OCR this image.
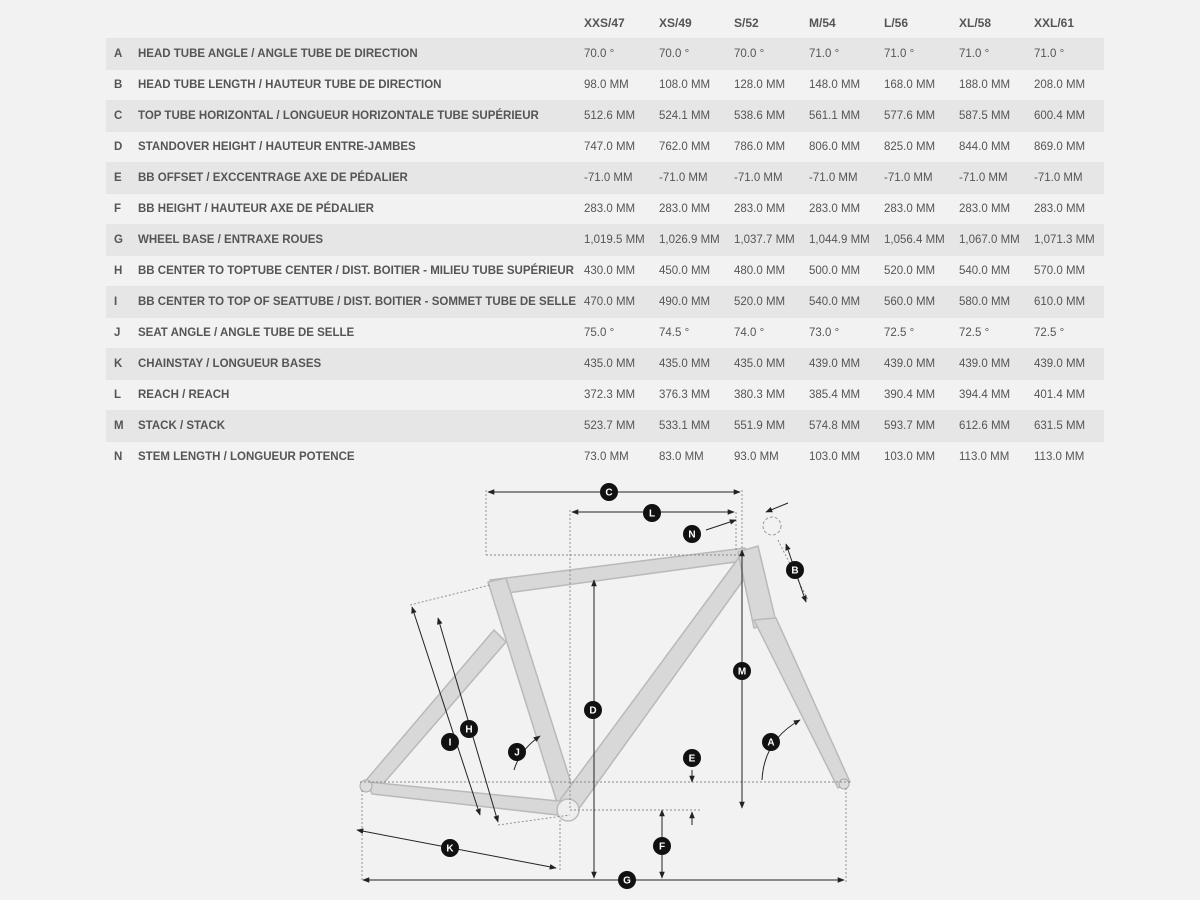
		XXS/47	XS/49	S/52	M/54	L/56	XL/58	XXL/61
A	HEAD TUBE ANGLE / ANGLE TUBE DE DIRECTION	70.0 °	70.0 °	70.0 °	71.0 °	71.0 °	71.0 °	71.0 °
B	HEAD TUBE LENGTH / HAUTEUR TUBE DE DIRECTION	98.0 MM	108.0 MM	128.0 MM	148.0 MM	168.0 MM	188.0 MM	208.0 MM
C	TOP TUBE HORIZONTAL / LONGUEUR HORIZONTALE TUBE SUPÉRIEUR	512.6 MM	524.1 MM	538.6 MM	561.1 MM	577.6 MM	587.5 MM	600.4 MM
D	STANDOVER HEIGHT / HAUTEUR ENTRE-JAMBES	747.0 MM	762.0 MM	786.0 MM	806.0 MM	825.0 MM	844.0 MM	869.0 MM
E	BB OFFSET / EXCCENTRAGE AXE DE PÉDALIER	-71.0 MM	-71.0 MM	-71.0 MM	-71.0 MM	-71.0 MM	-71.0 MM	-71.0 MM
F	BB HEIGHT / HAUTEUR AXE DE PÉDALIER	283.0 MM	283.0 MM	283.0 MM	283.0 MM	283.0 MM	283.0 MM	283.0 MM
G	WHEEL BASE / ENTRAXE ROUES	1,019.5 MM	1,026.9 MM	1,037.7 MM	1,044.9 MM	1,056.4 MM	1,067.0 MM	1,071.3 MM
H	BB CENTER TO TOPTUBE CENTER / DIST. BOITIER - MILIEU TUBE SUPÉRIEUR	430.0 MM	450.0 MM	480.0 MM	500.0 MM	520.0 MM	540.0 MM	570.0 MM
I	BB CENTER TO TOP OF SEATTUBE / DIST. BOITIER - SOMMET TUBE DE SELLE	470.0 MM	490.0 MM	520.0 MM	540.0 MM	560.0 MM	580.0 MM	610.0 MM
J	SEAT ANGLE / ANGLE TUBE DE SELLE	75.0 °	74.5 °	74.0 °	73.0 °	72.5 °	72.5 °	72.5 °
K	CHAINSTAY / LONGUEUR BASES	435.0 MM	435.0 MM	435.0 MM	439.0 MM	439.0 MM	439.0 MM	439.0 MM
L	REACH / REACH	372.3 MM	376.3 MM	380.3 MM	385.4 MM	390.4 MM	394.4 MM	401.4 MM
M	STACK / STACK	523.7 MM	533.1 MM	551.9 MM	574.8 MM	593.7 MM	612.6 MM	631.5 MM
N	STEM LENGTH / LONGUEUR POTENCE	73.0 MM	83.0 MM	93.0 MM	103.0 MM	103.0 MM	113.0 MM	113.0 MM
A
B
C
D
E
F
G
H
I
J
K
L
M
N
